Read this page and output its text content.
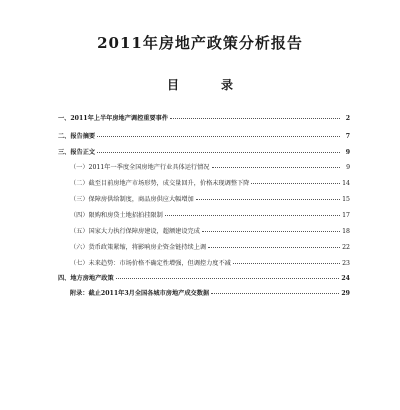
2011年房地产政策分析报告
目	录
一、2011年上半年房地产调控重要事件	2
二、报告摘要	7
三、报告正文	9
（一）2011年一季度全国房地产行业具体运行情况	9
（二）截至目前房地产市场形势，成交量回升，价格未现调整下降	14
（三）保障房供给制度，商品房供应大幅增加	15
（四）限购和房贷土地招拍挂限制	17
（五）国家大力执行保障房建设，超额建设完成	18
（六）货币政策紧缩，将影响房企资金链持续上调	22
（七）未来趋势：市场价格不确定性增强，但调控力度不减	23
四、地方房地产政策	24
附录：截止2011年3月全国各城市房地产成交数据	29
